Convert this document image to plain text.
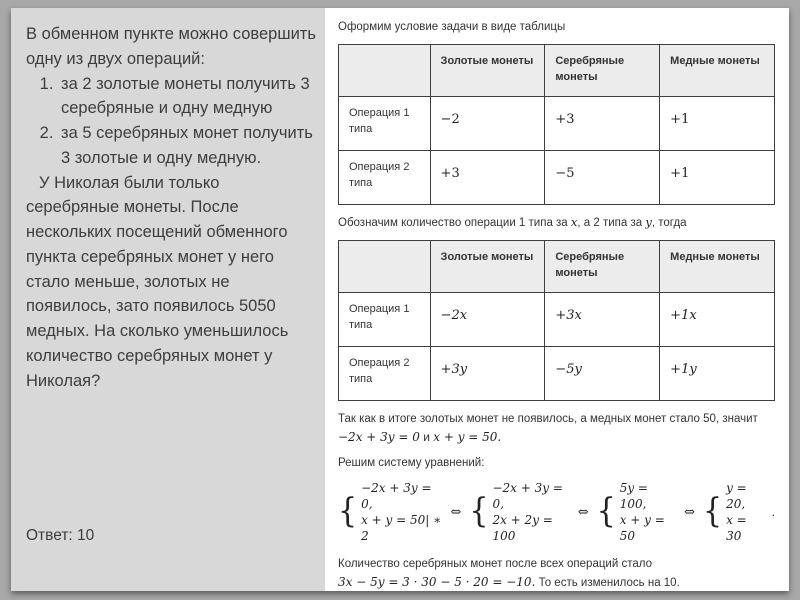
В обменном пункте можно совершить одну из двух операций:

1. за 2 золотые монеты получить 3 серебряные и одну медную
2. за 5 серебряных монет получить 3 золотые и одну медную.

У Николая были только серебряные монеты. После нескольких посещений обменного пункта серебряных монет у него стало меньше, золотых не появилось, зато появилось 5050 медных. На сколько уменьшилось количество серебряных монет у Николая?

Ответ: 10

Оформим условие задачи в виде таблицы

	Золотые монеты	Серебряные монеты	Медные монеты
Операция 1 типа	−2	+3	+1
Операция 2 типа	+3	−5	+1

Обозначим количество операции 1 типа за x, а 2 типа за y, тогда

	Золотые монеты	Серебряные монеты	Медные монеты
Операция 1 типа	−2x	+3x	+1x
Операция 2 типа	+3y	−5y	+1y
Так как в итоге золотых монет не появилось, а медных монет стало 50, значит
−2x + 3y = 0 и x + y = 50.

Решим систему уравнений:

{
−2x + 3y = 0,
x + y = 50| ∗ 2
⇔ {
−2x + 3y = 0,
2x + 2y = 100
⇔ {
5y = 100,
x + y = 50
⇔ {
y = 20,
x = 30
.
Количество серебряных монет после всех операций стало
3x − 5y = 3 · 30 − 5 · 20 = −10. То есть изменилось на 10.
